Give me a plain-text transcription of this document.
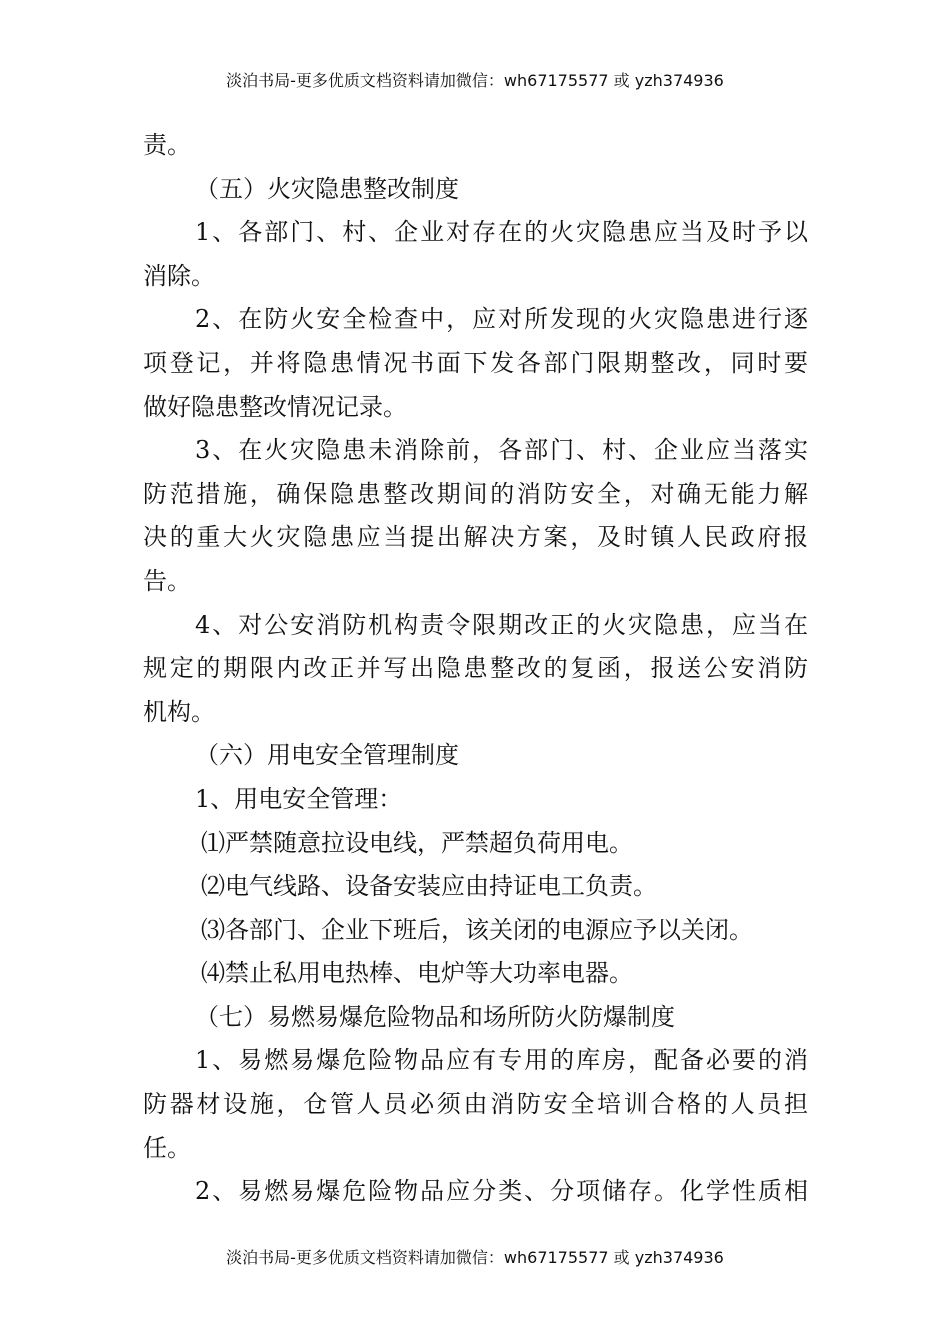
淡泊书局-更多优质文档资料请加微信：wh67175577 或 yzh374936
责。
（五）火灾隐患整改制度
1、各部门、村、企业对存在的火灾隐患应当及时予以
消除。
2、在防火安全检查中，应对所发现的火灾隐患进行逐
项登记，并将隐患情况书面下发各部门限期整改，同时要
做好隐患整改情况记录。
3、在火灾隐患未消除前，各部门、村、企业应当落实
防范措施，确保隐患整改期间的消防安全，对确无能力解
决的重大火灾隐患应当提出解决方案，及时镇人民政府报
告。
4、对公安消防机构责令限期改正的火灾隐患，应当在
规定的期限内改正并写出隐患整改的复函，报送公安消防
机构。
（六）用电安全管理制度
1、用电安全管理：
⑴严禁随意拉设电线，严禁超负荷用电。
⑵电气线路、设备安装应由持证电工负责。
⑶各部门、企业下班后，该关闭的电源应予以关闭。
⑷禁止私用电热棒、电炉等大功率电器。
（七）易燃易爆危险物品和场所防火防爆制度
1、易燃易爆危险物品应有专用的库房，配备必要的消
防器材设施，仓管人员必须由消防安全培训合格的人员担
任。
2、易燃易爆危险物品应分类、分项储存。化学性质相
淡泊书局-更多优质文档资料请加微信：wh67175577 或 yzh374936
